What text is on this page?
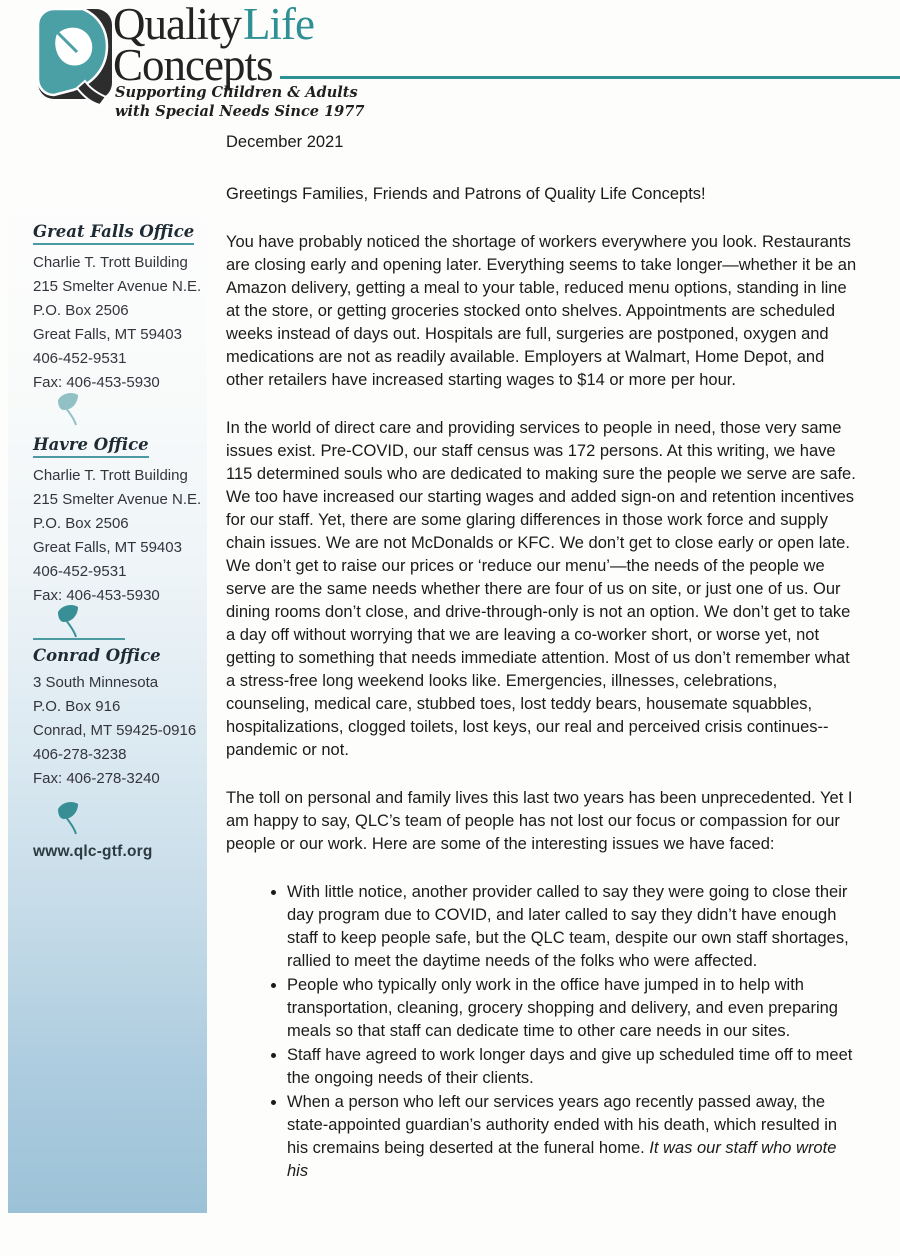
QualityLife
Concepts
Supporting Children & Adults
with Special Needs Since 1977
Great Falls Office
Charlie T. Trott Building
215 Smelter Avenue N.E.
P.O. Box 2506
Great Falls, MT 59403
406-452-9531
Fax: 406-453-5930
Havre Office
Charlie T. Trott Building
215 Smelter Avenue N.E.
P.O. Box 2506
Great Falls, MT 59403
406-452-9531
Fax: 406-453-5930
Conrad Office
3 South Minnesota
P.O. Box 916
Conrad, MT 59425-0916
406-278-3238
Fax: 406-278-3240
www.qlc-gtf.org

December 2021

Greetings Families, Friends and Patrons of Quality Life Concepts!

You have probably noticed the shortage of workers everywhere you look. Restaurants are closing early and opening later. Everything seems to take longer—whether it be an Amazon delivery, getting a meal to your table, reduced menu options, standing in line at the store, or getting groceries stocked onto shelves. Appointments are scheduled weeks instead of days out. Hospitals are full, surgeries are postponed, oxygen and medications are not as readily available. Employers at Walmart, Home Depot, and other retailers have increased starting wages to $14 or more per hour.

In the world of direct care and providing services to people in need, those very same issues exist. Pre-COVID, our staff census was 172 persons. At this writing, we have 115 determined souls who are dedicated to making sure the people we serve are safe. We too have increased our starting wages and added sign-on and retention incentives for our staff. Yet, there are some glaring differences in those work force and supply chain issues. We are not McDonalds or KFC. We don’t get to close early or open late. We don’t get to raise our prices or ‘reduce our menu’—the needs of the people we serve are the same needs whether there are four of us on site, or just one of us. Our dining rooms don’t close, and drive-through-only is not an option. We don’t get to take a day off without worrying that we are leaving a co-worker short, or worse yet, not getting to something that needs immediate attention. Most of us don’t remember what a stress-free long weekend looks like. Emergencies, illnesses, celebrations, counseling, medical care, stubbed toes, lost teddy bears, housemate squabbles, hospitalizations, clogged toilets, lost keys, our real and perceived crisis continues--pandemic or not.

The toll on personal and family lives this last two years has been unprecedented. Yet I am happy to say, QLC’s team of people has not lost our focus or compassion for our people or our work. Here are some of the interesting issues we have faced:

• With little notice, another provider called to say they were going to close their day program due to COVID, and later called to say they didn’t have enough staff to keep people safe, but the QLC team, despite our own staff shortages, rallied to meet the daytime needs of the folks who were affected.
• People who typically only work in the office have jumped in to help with transportation, cleaning, grocery shopping and delivery, and even preparing meals so that staff can dedicate time to other care needs in our sites.
• Staff have agreed to work longer days and give up scheduled time off to meet the ongoing needs of their clients.
• When a person who left our services years ago recently passed away, the state-appointed guardian’s authority ended with his death, which resulted in his cremains being deserted at the funeral home. It was our staff who wrote his
